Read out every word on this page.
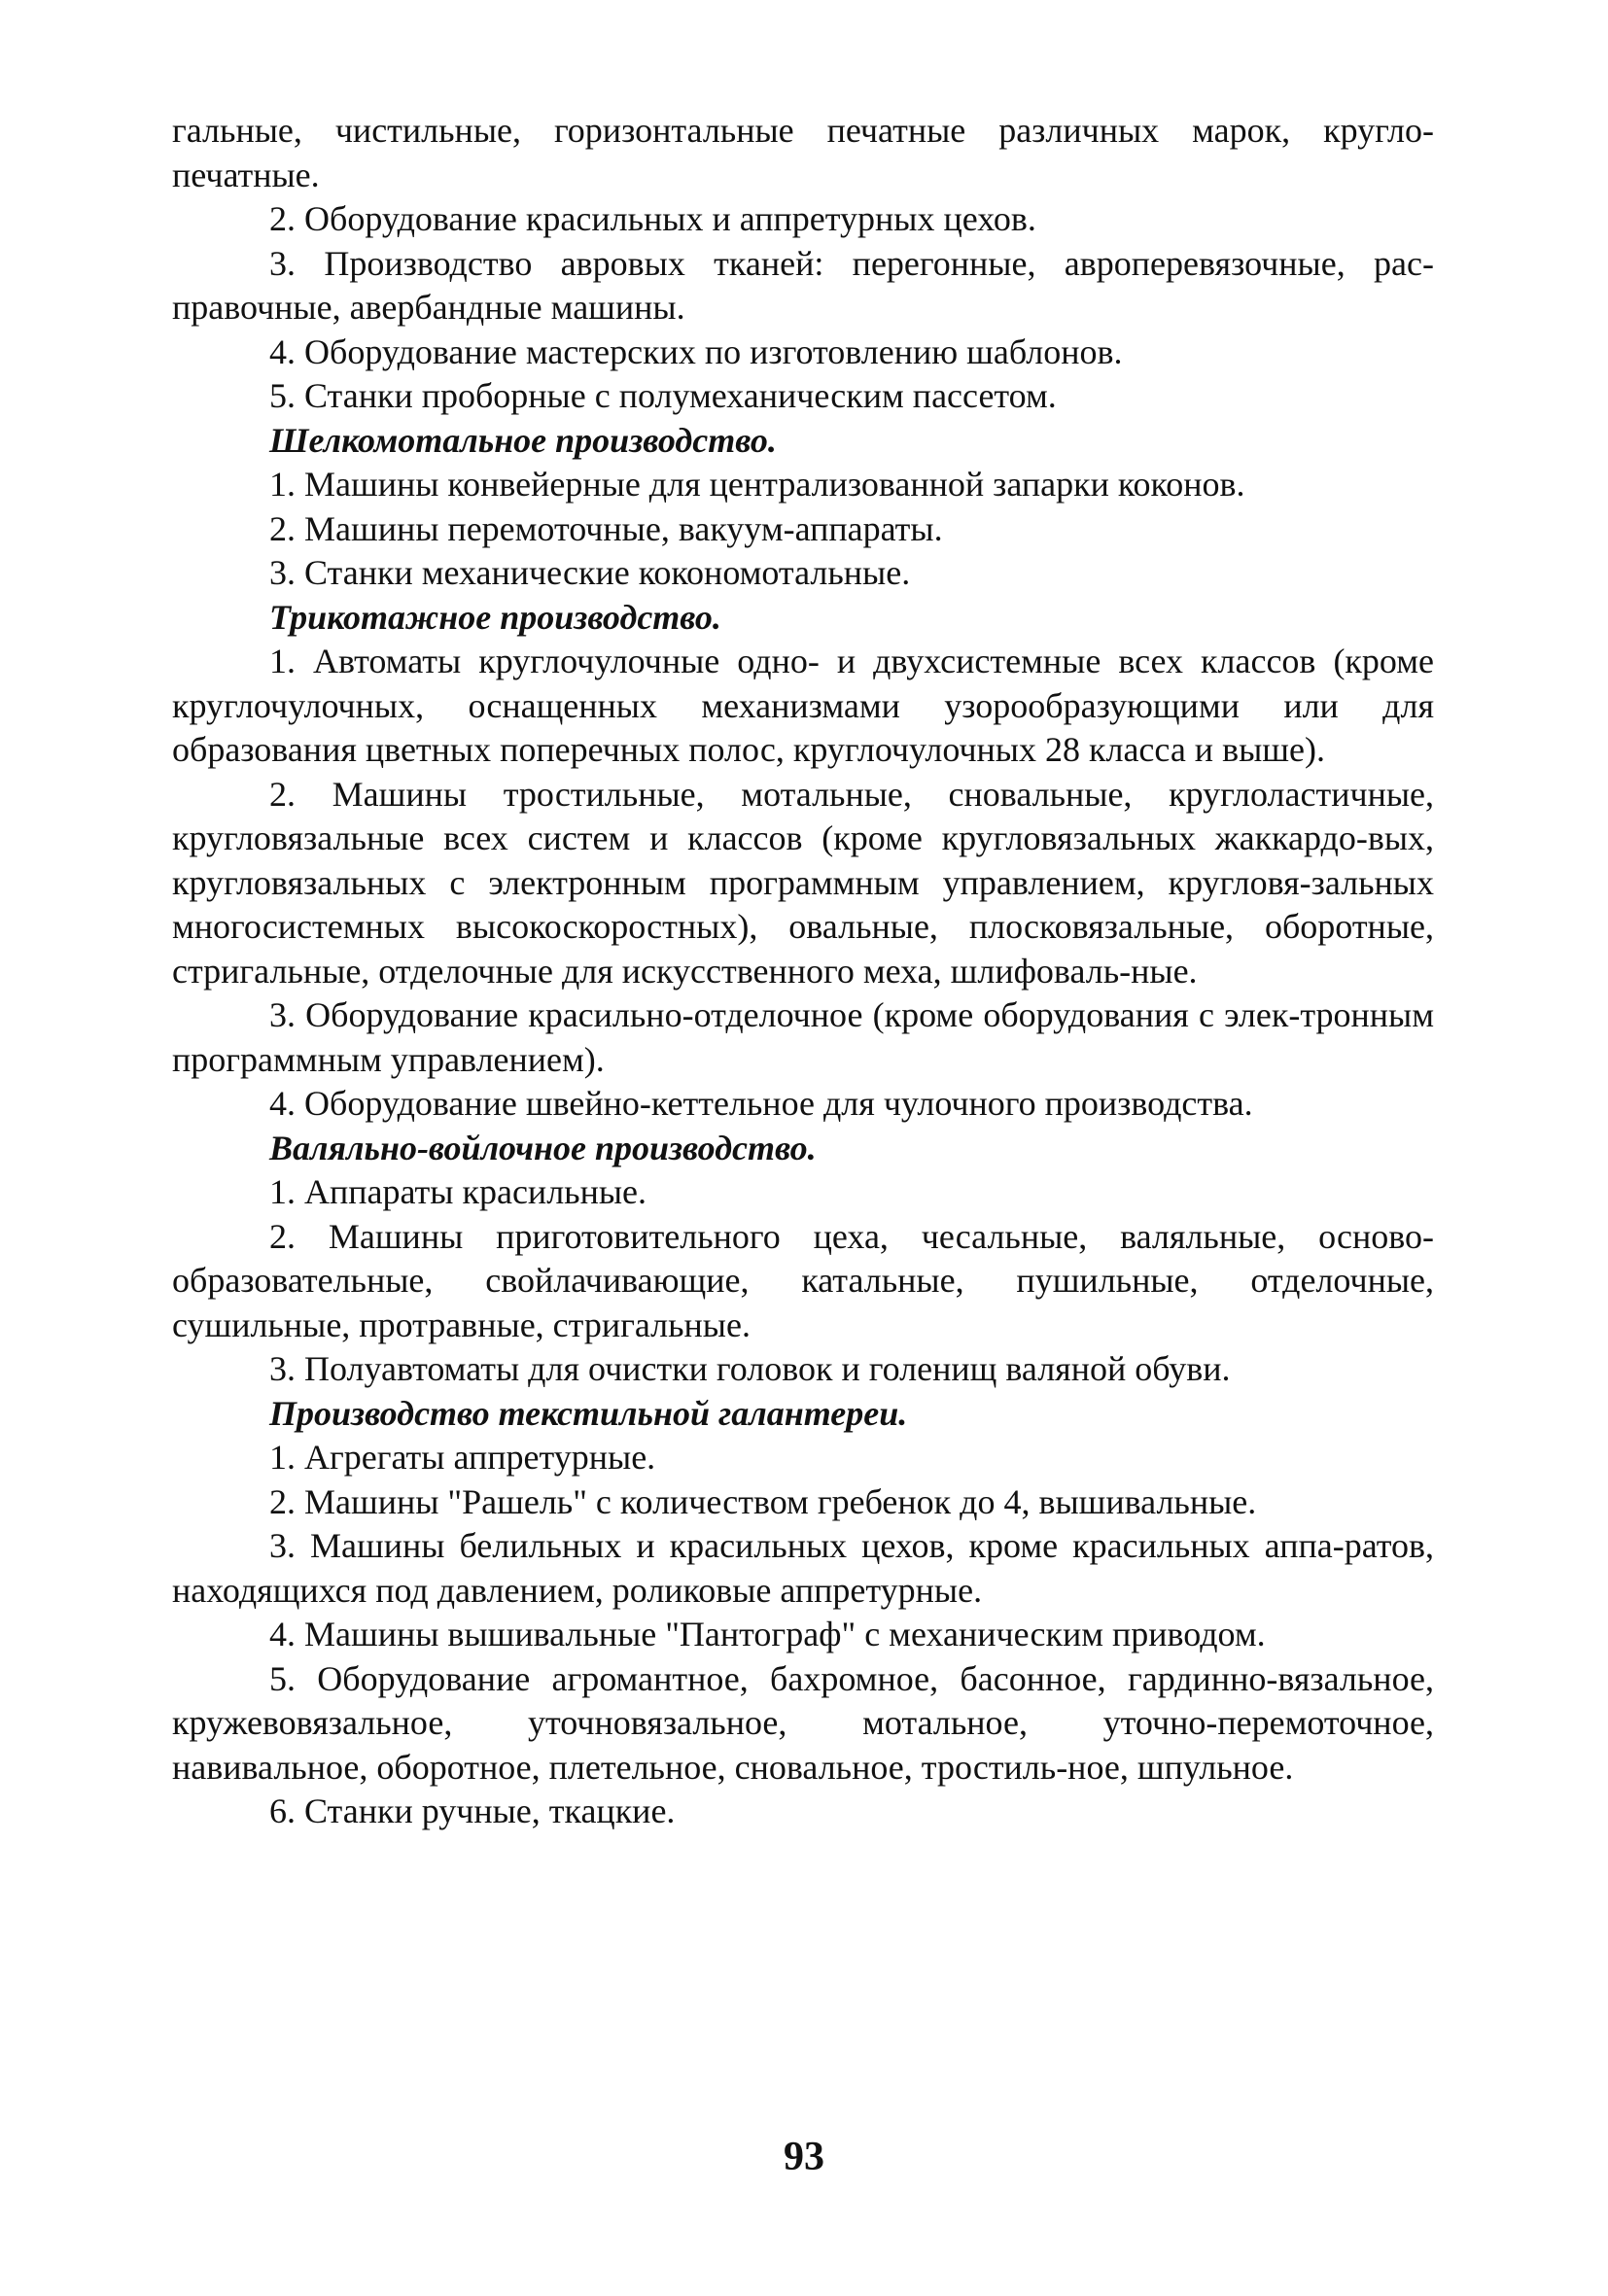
гальные, чистильные, горизонтальные печатные различных марок, кругло-печатные.

2. Оборудование красильных и аппретурных цехов.

3. Производство авровых тканей: перегонные, авроперевязочные, рас-правочные, авербандные машины.

4. Оборудование мастерских по изготовлению шаблонов.

5. Станки проборные с полумеханическим пассетом.

Шелкомотальное производство.

1. Машины конвейерные для централизованной запарки коконов.

2. Машины перемоточные, вакуум-аппараты.

3. Станки механические кокономотальные.

Трикотажное производство.

1. Автоматы круглочулочные одно- и двухсистемные всех классов (кроме круглочулочных, оснащенных механизмами узорообразующими или для образования цветных поперечных полос, круглочулочных 28 класса и выше).

2. Машины тростильные, мотальные, сновальные, круглоластичные, кругловязальные всех систем и классов (кроме кругловязальных жаккардо-вых, кругловязальных с электронным программным управлением, кругловя-зальных многосистемных высокоскоростных), овальные, плосковязальные, оборотные, стригальные, отделочные для искусственного меха, шлифоваль-ные.

3. Оборудование красильно-отделочное (кроме оборудования с элек-тронным программным управлением).

4. Оборудование швейно-кеттельное для чулочного производства.

Валяльно-войлочное производство.

1. Аппараты красильные.

2. Машины приготовительного цеха, чесальные, валяльные, осново-образовательные, свойлачивающие, катальные, пушильные, отделочные, сушильные, протравные, стригальные.

3. Полуавтоматы для очистки головок и голенищ валяной обуви.

Производство текстильной галантереи.

1. Агрегаты аппретурные.

2. Машины "Рашель" с количеством гребенок до 4, вышивальные.

3. Машины белильных и красильных цехов, кроме красильных аппа-ратов, находящихся под давлением, роликовые аппретурные.

4. Машины вышивальные "Пантограф" с механическим приводом.

5. Оборудование агромантное, бахромное, басонное, гардинно-вязальное, кружевовязальное, уточновязальное, мотальное, уточно-перемоточное, навивальное, оборотное, плетельное, сновальное, тростиль-ное, шпульное.

6. Станки ручные, ткацкие.

93
